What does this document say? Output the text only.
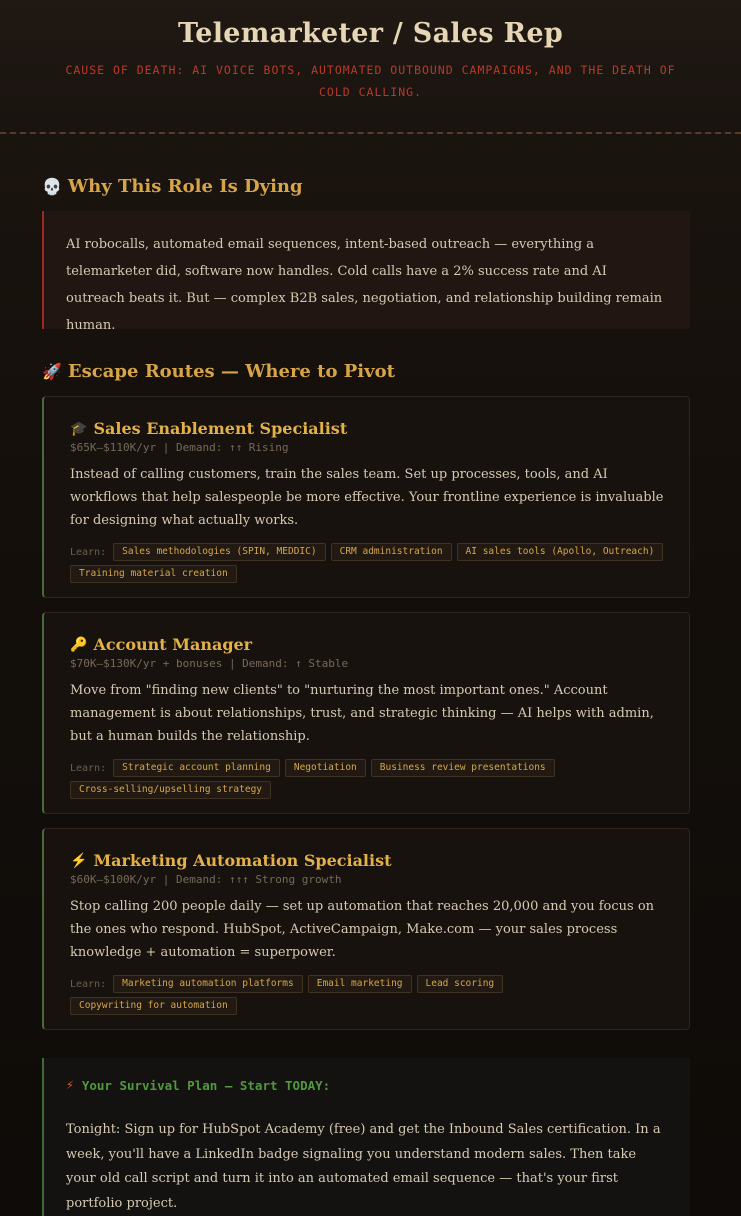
Telemarketer / Sales Rep
CAUSE OF DEATH: AI VOICE BOTS, AUTOMATED OUTBOUND CAMPAIGNS, AND THE DEATH OF COLD CALLING.
💀 Why This Role Is Dying
AI robocalls, automated email sequences, intent-based outreach — everything a telemarketer did, software now handles. Cold calls have a 2% success rate and AI outreach beats it. But — complex B2B sales, negotiation, and relationship building remain human.
🚀 Escape Routes — Where to Pivot
🎓 Sales Enablement Specialist
$65K–$110K/yr | Demand: ↑↑ Rising

Instead of calling customers, train the sales team. Set up processes, tools, and AI workflows that help salespeople be more effective. Your frontline experience is invaluable for designing what actually works.

Learn:	Sales methodologies (SPIN, MEDDIC)	CRM administration	AI sales tools (Apollo, Outreach)
Training material creation
🔑 Account Manager
$70K–$130K/yr + bonuses | Demand: ↑ Stable

Move from "finding new clients" to "nurturing the most important ones." Account management is about relationships, trust, and strategic thinking — AI helps with admin, but a human builds the relationship.

Learn:	Strategic account planning	Negotiation	Business review presentations
Cross-selling/upselling strategy
⚡ Marketing Automation Specialist
$60K–$100K/yr | Demand: ↑↑↑ Strong growth

Stop calling 200 people daily — set up automation that reaches 20,000 and you focus on the ones who respond. HubSpot, ActiveCampaign, Make.com — your sales process knowledge + automation = superpower.

Learn:	Marketing automation platforms	Email marketing	Lead scoring
Copywriting for automation
⚡ Your Survival Plan — Start TODAY:

Tonight: Sign up for HubSpot Academy (free) and get the Inbound Sales certification. In a week, you'll have a LinkedIn badge signaling you understand modern sales. Then take your old call script and turn it into an automated email sequence — that's your first portfolio project.
